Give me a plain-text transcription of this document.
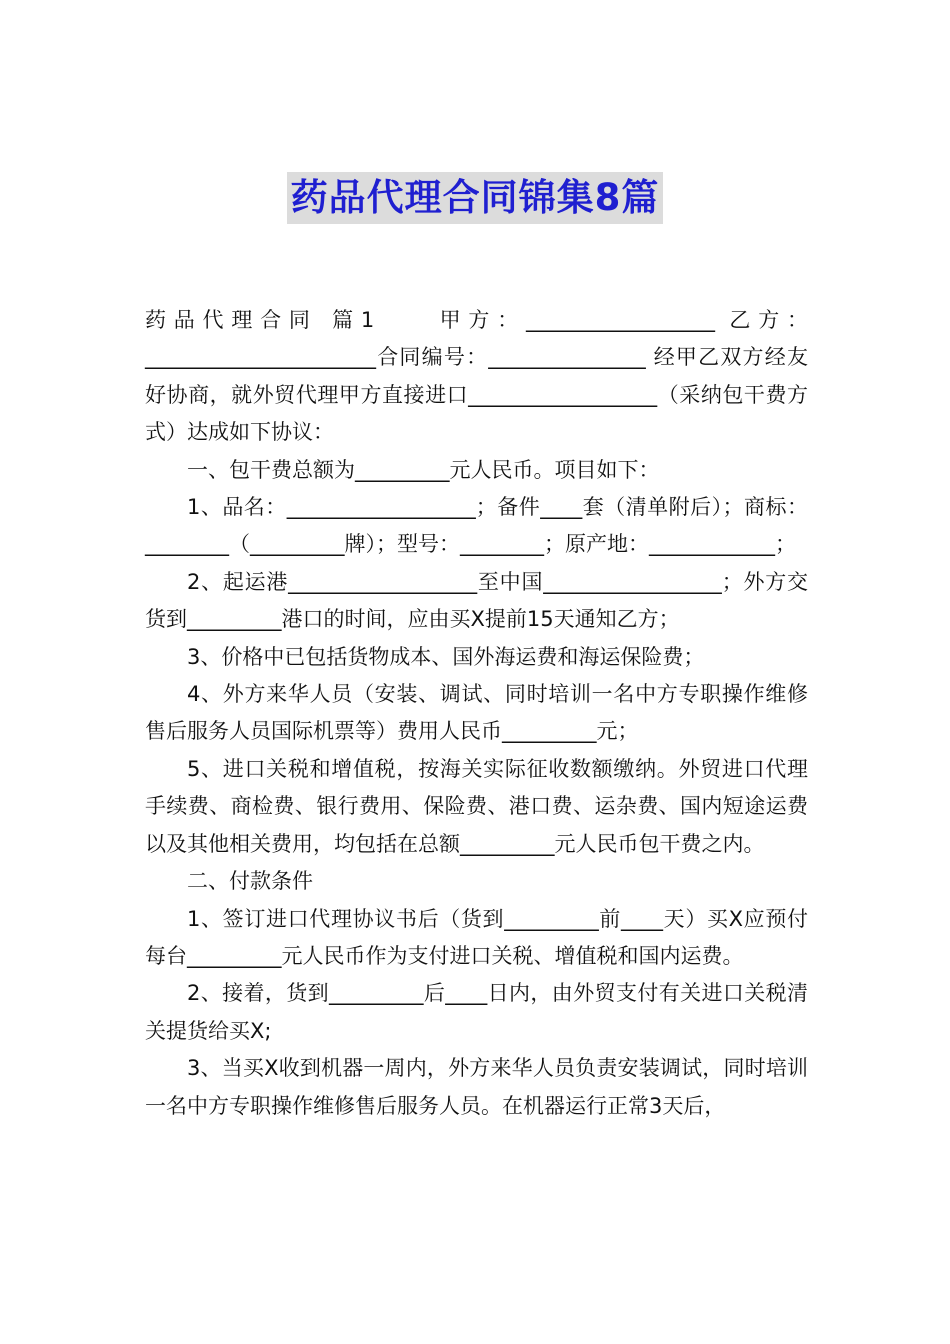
药品代理合同锦集8篇

药品代理合同 篇1　　甲方：__________________ 乙方：______________________合同编号：_______________ 经甲乙双方经友好协商，就外贸代理甲方直接进口__________________（采纳包干费方式）达成如下协议：

一、包干费总额为_________元人民币。项目如下：

1、品名：__________________；备件____套（清单附后）；商标：________（_________牌）；型号：________；原产地：____________；

2、起运港__________________至中国_________________；外方交货到_________港口的时间，应由买X提前15天通知乙方；

3、价格中已包括货物成本、国外海运费和海运保险费；

4、外方来华人员（安装、调试、同时培训一名中方专职操作维修售后服务人员国际机票等）费用人民币_________元；

5、进口关税和增值税，按海关实际征收数额缴纳。外贸进口代理手续费、商检费、银行费用、保险费、港口费、运杂费、国内短途运费以及其他相关费用，均包括在总额_________元人民币包干费之内。

二、付款条件

1、签订进口代理协议书后（货到_________前____天）买X应预付每台_________元人民币作为支付进口关税、增值税和国内运费。

2、接着，货到_________后____日内，由外贸支付有关进口关税清关提货给买X;

3、当买X收到机器一周内，外方来华人员负责安装调试，同时培训一名中方专职操作维修售后服务人员。在机器运行正常3天后，
